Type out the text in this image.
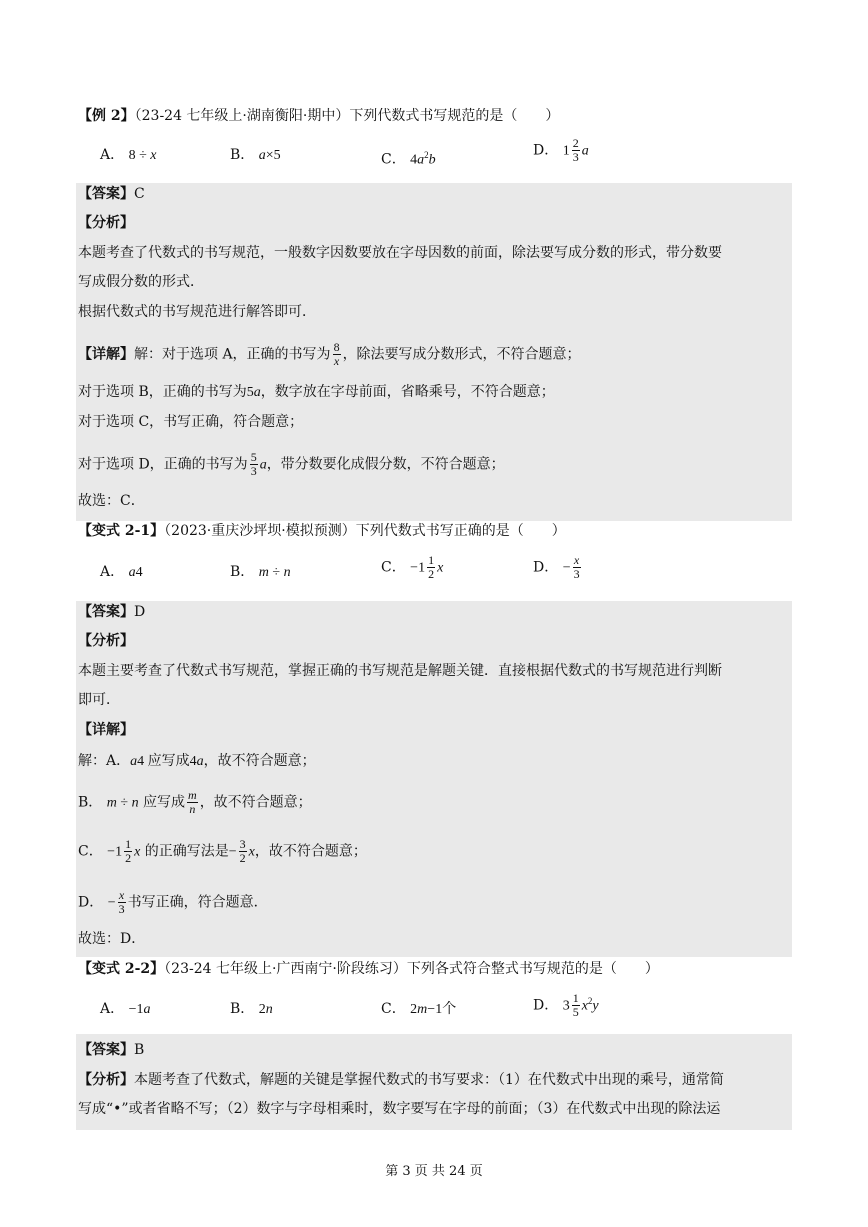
【例 2】（23-24 七年级上·湖南衡阳·期中）下列代数式书写规范的是（　　）
A． 8 ÷ x	B． a×5	C． $4a^2b$
D． $1 \frac{2}{3}$ a
【答案】C
【分析】
本题考查了代数式的书写规范，一般数字因数要放在字母因数的前面，除法要写成分数的形式，带分数要
写成假分数的形式．
根据代数式的书写规范进行解答即可．
【详解】解：对于选项 A，正确的书写为 $\frac{8}{x}$ ，除法要写成分数形式，不符合题意；
对于选项 B，正确的书写为5a，数字放在字母前面，省略乘号，不符合题意；
对于选项 C，书写正确，符合题意；
对于选项 D，正确的书写为 $\frac{5}{3}$ a，带分数要化成假分数，不符合题意；
故选：C．
【变式 2-1】（2023·重庆沙坪坝·模拟预测）下列代数式书写正确的是（　　）
A． a4	B． m ÷ n	C． $-1 \frac{1}{2}$ x	D． − $\frac{x}{3}$
【答案】D
【分析】
本题主要考查了代数式书写规范，掌握正确的书写规范是解题关键．直接根据代数式的书写规范进行判断
即可．
【详解】
解：A．a4 应写成4a，故不符合题意；
B． m ÷ n 应写成 $\frac{m}{n}$ ，故不符合题意；
C． $-1 \frac{1}{2}$ x 的正确写法是− $\frac{3}{2}$ x，故不符合题意；
D． − $\frac{x}{3}$ 书写正确，符合题意．
故选：D．
【变式 2-2】（23-24 七年级上·广西南宁·阶段练习）下列各式符合整式书写规范的是（　　）
A． −1a	B． 2n	C． 2m−1个	D． $3 \frac{1}{5} x^2y$
【答案】B
【分析】本题考查了代数式，解题的关键是掌握代数式的书写要求：（1）在代数式中出现的乘号，通常简
写成“•”或者省略不写；（2）数字与字母相乘时，数字要写在字母的前面；（3）在代数式中出现的除法运
第 3 页 共 24 页
